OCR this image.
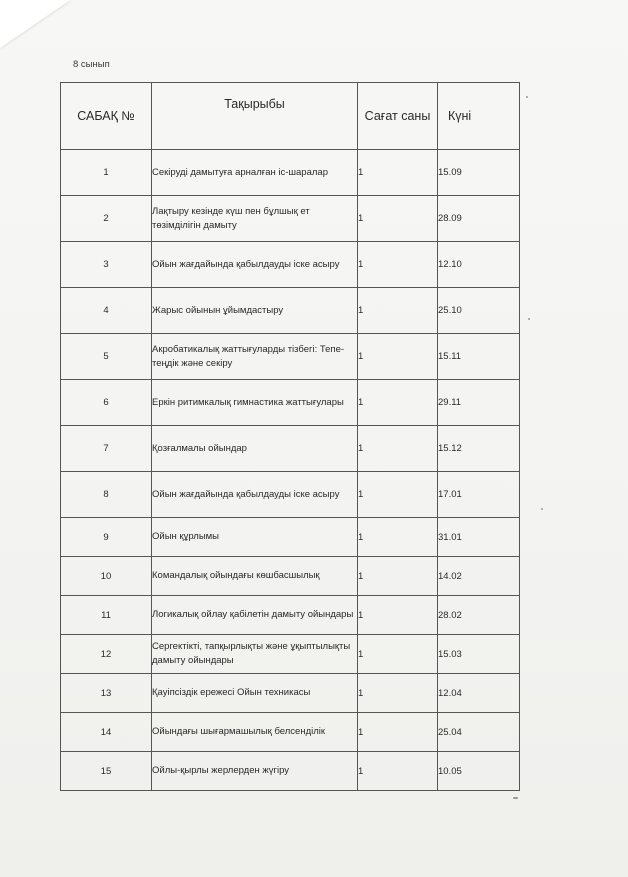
8 сынып
САБАҚ №	Тақырыбы	Сағат саны	Күні
1	Секіруді дамытуға арналған іс-шаралар	1	15.09
2	Лақтыру кезінде күш пен бұлшық ет төзімділігін дамыту	1	28.09
3	Ойын жағдайында қабылдауды іске асыру	1	12.10
4	Жарыс ойынын ұйымдастыру	1	25.10
5	Акробатикалық жаттығуларды тізбегі: Тепе-теңдік және секіру	1	15.11
6	Еркін ритимкалық гимнастика жаттығулары	1	29.11
7	Қозғалмалы ойындар	1	15.12
8	Ойын жағдайында қабылдауды іске асыру	1	17.01
9	Ойын құрлымы	1	31.01
10	Командалық ойындағы көшбасшылық	1	14.02
11	Логикалық ойлау қабілетін дамыту ойындары	1	28.02
12	Сергектікті, тапқырлықты және ұқыптылықты дамыту ойындары	1	15.03
13	Қауіпсіздік ережесі Ойын техникасы	1	12.04
14	Ойындағы шығармашылық белсенділік	1	25.04
15	Ойлы-қырлы жерлерден жүгіру	1	10.05
